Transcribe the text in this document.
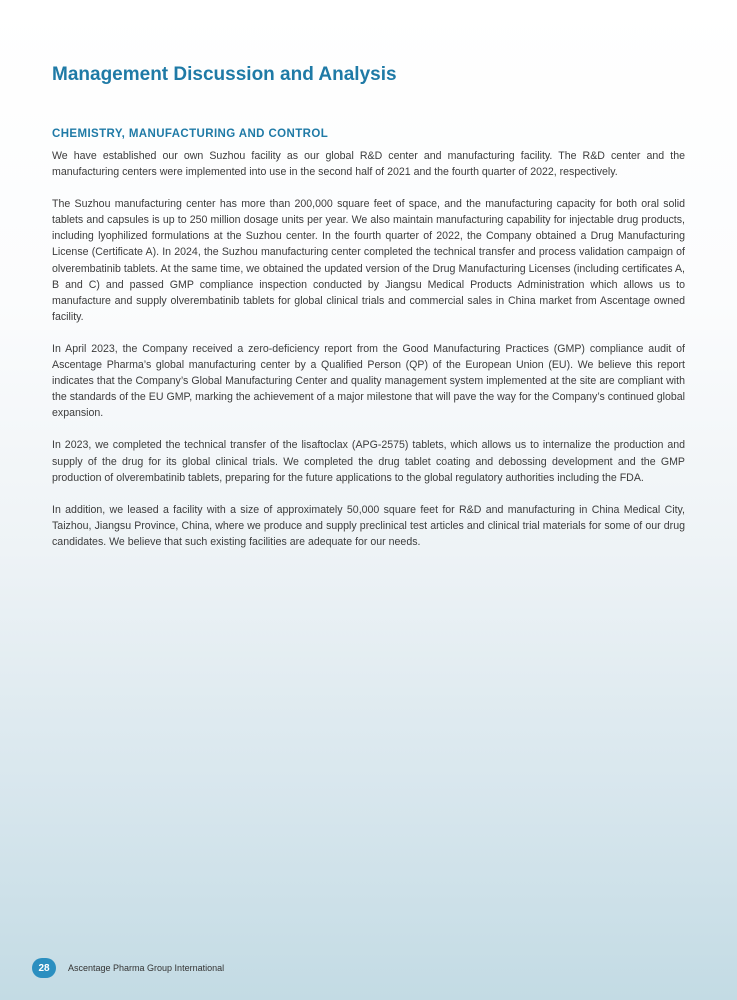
Management Discussion and Analysis
CHEMISTRY, MANUFACTURING AND CONTROL

We have established our own Suzhou facility as our global R&D center and manufacturing facility. The R&D center and the manufacturing centers were implemented into use in the second half of 2021 and the fourth quarter of 2022, respectively.

The Suzhou manufacturing center has more than 200,000 square feet of space, and the manufacturing capacity for both oral solid tablets and capsules is up to 250 million dosage units per year. We also maintain manufacturing capability for injectable drug products, including lyophilized formulations at the Suzhou center. In the fourth quarter of 2022, the Company obtained a Drug Manufacturing License (Certificate A). In 2024, the Suzhou manufacturing center completed the technical transfer and process validation campaign of olverembatinib tablets. At the same time, we obtained the updated version of the Drug Manufacturing Licenses (including certificates A, B and C) and passed GMP compliance inspection conducted by Jiangsu Medical Products Administration which allows us to manufacture and supply olverembatinib tablets for global clinical trials and commercial sales in China market from Ascentage owned facility.

In April 2023, the Company received a zero-deficiency report from the Good Manufacturing Practices (GMP) compliance audit of Ascentage Pharma’s global manufacturing center by a Qualified Person (QP) of the European Union (EU). We believe this report indicates that the Company’s Global Manufacturing Center and quality management system implemented at the site are compliant with the standards of the EU GMP, marking the achievement of a major milestone that will pave the way for the Company’s continued global expansion.

In 2023, we completed the technical transfer of the lisaftoclax (APG-2575) tablets, which allows us to internalize the production and supply of the drug for its global clinical trials. We completed the drug tablet coating and debossing development and the GMP production of olverembatinib tablets, preparing for the future applications to the global regulatory authorities including the FDA.

In addition, we leased a facility with a size of approximately 50,000 square feet for R&D and manufacturing in China Medical City, Taizhou, Jiangsu Province, China, where we produce and supply preclinical test articles and clinical trial materials for some of our drug candidates. We believe that such existing facilities are adequate for our needs.

28	Ascentage Pharma Group International
